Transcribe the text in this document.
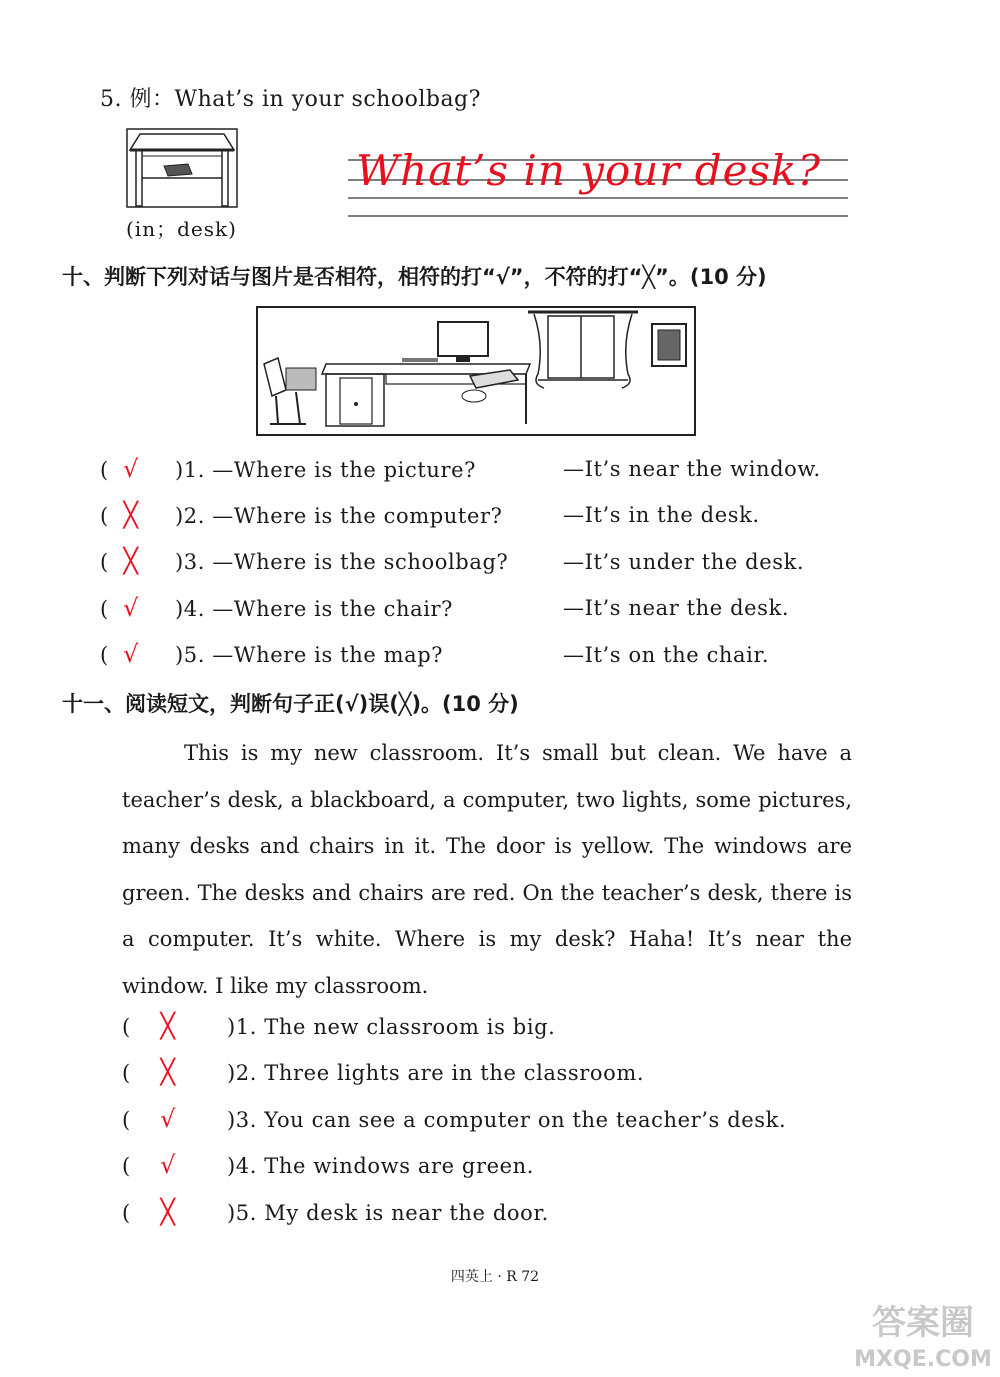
5. 例：What’s in your schoolbag?
(in；desk)
What’s in your desk?
十、判断下列对话与图片是否相符，相符的打“√”，不符的打“╳”。(10 分)
( √ )1. —Where is the picture?	—It’s near the window.
( ╳ )2. —Where is the computer?	—It’s in the desk.
( ╳ )3. —Where is the schoolbag?	—It’s under the desk.
( √ )4. —Where is the chair?	—It’s near the desk.
( √ )5. —Where is the map?	—It’s on the chair.
十一、阅读短文，判断句子正(√)误(╳)。(10 分)

This is my new classroom. It’s small but clean. We have a teacher’s desk, a blackboard, a computer, two lights, some pictures, many desks and chairs in it. The door is yellow. The windows are green. The desks and chairs are red. On the teacher’s desk, there is a computer. It’s white. Where is my desk? Haha! It’s near the window. I like my classroom.

( ╳ )1. The new classroom is big.
( ╳ )2. Three lights are in the classroom.
( √ )3. You can see a computer on the teacher’s desk.
( √ )4. The windows are green.
( ╳ )5. My desk is near the door.
四英上 · R 72
答案圈
MXQE.COM
